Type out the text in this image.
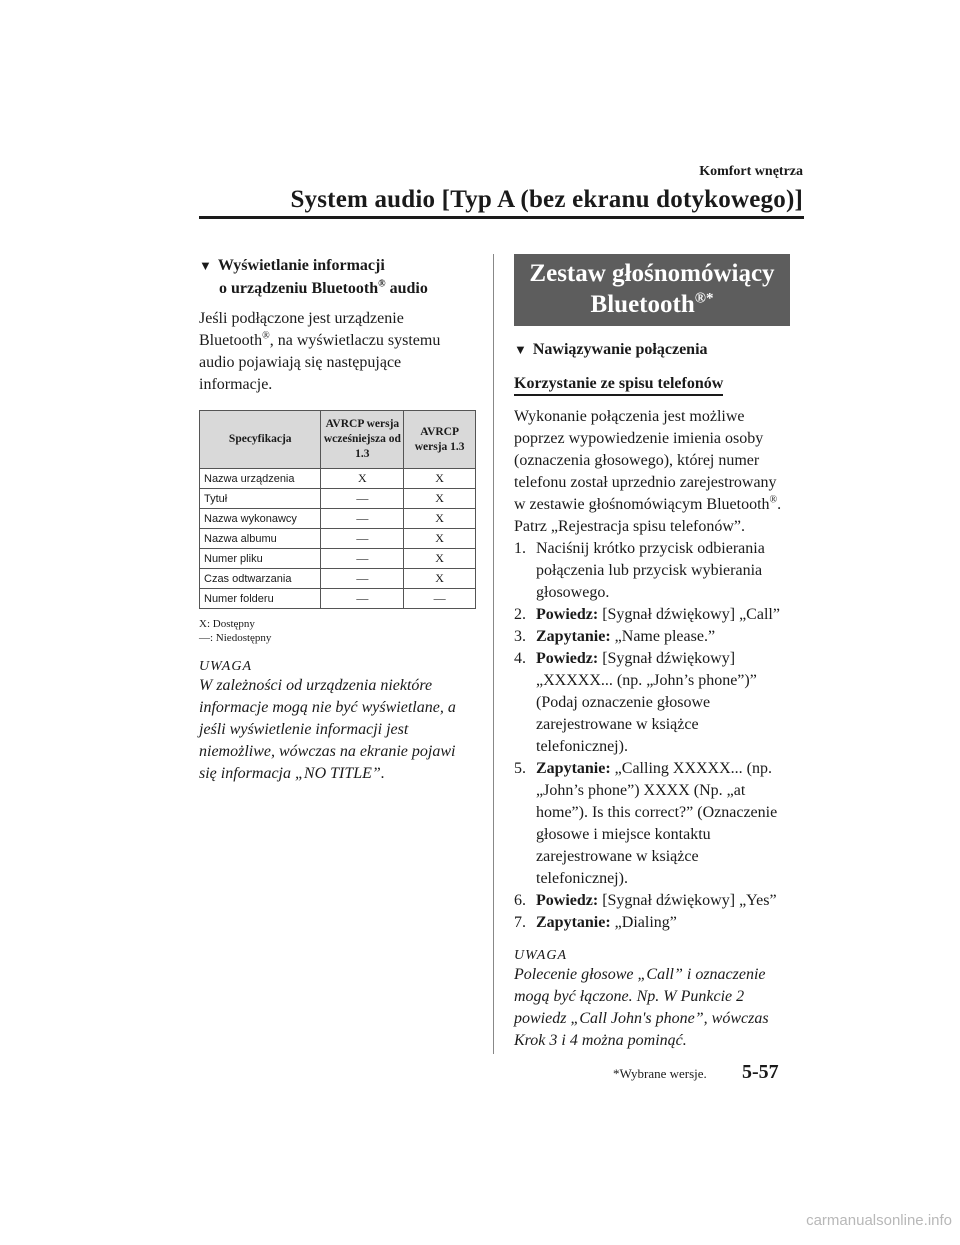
Komfort wnętrza
System audio [Typ A (bez ekranu dotykowego)]
▼ Wyświetlanie informacji
o urządzeniu Bluetooth® audio

Jeśli podłączone jest urządzenie Bluetooth®, na wyświetlaczu systemu audio pojawiają się następujące informacje.

Specyfikacja	AVRCP wersja wcześniejsza od 1.3	AVRCP wersja 1.3
Nazwa urządzenia	X	X
Tytuł	—	X
Nazwa wykonawcy	—	X
Nazwa albumu	—	X
Numer pliku	—	X
Czas odtwarzania	—	X
Numer folderu	—	—
X: Dostępny
—: Niedostępny
UWAGA
W zależności od urządzenia niektóre informacje mogą nie być wyświetlane, a jeśli wyświetlenie informacji jest niemożliwe, wówczas na ekranie pojawi się informacja „NO TITLE”.
Zestaw głośnomówiący
Bluetooth®*
▼ Nawiązywanie połączenia
Korzystanie ze spisu telefonów

Wykonanie połączenia jest możliwe poprzez wypowiedzenie imienia osoby (oznaczenia głosowego), której numer telefonu został uprzednio zarejestrowany w zestawie głośnomówiącym Bluetooth®.

Patrz „Rejestracja spisu telefonów”.

1. Naciśnij krótko przycisk odbierania połączenia lub przycisk wybierania głosowego.
2. Powiedz: [Sygnał dźwiękowy] „Call”
3. Zapytanie: „Name please.”
4. Powiedz: [Sygnał dźwiękowy] „XXXXX... (np. „John’s phone”)” (Podaj oznaczenie głosowe zarejestrowane w książce telefonicznej).
5. Zapytanie: „Calling XXXXX... (np. „John’s phone”) XXXX (Np. „at home”). Is this correct?” (Oznaczenie głosowe i miejsce kontaktu zarejestrowane w książce telefonicznej).
6. Powiedz: [Sygnał dźwiękowy] „Yes”
7. Zapytanie: „Dialing”
UWAGA
Polecenie głosowe „Call” i oznaczenie mogą być łączone. Np. W Punkcie 2 powiedz „Call John's phone”, wówczas Krok 3 i 4 można pominąć.
*Wybrane wersje. 5-57
carmanualsonline.info
